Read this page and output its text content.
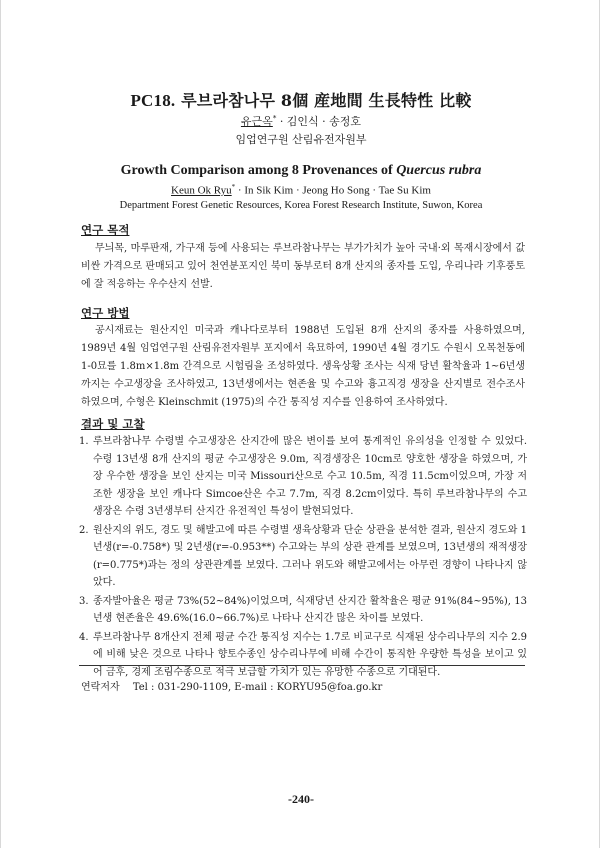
PC18. 루브라참나무 8個 産地間 生長特性 比較
유근옥* · 김인식 · 송정호
임업연구원 산림유전자원부
Growth Comparison among 8 Provenances of Quercus rubra
Keun Ok Ryu* · In Sik Kim · Jeong Ho Song · Tae Su Kim
Department Forest Genetic Resources, Korea Forest Research Institute, Suwon, Korea
연구 목적
무늬목, 마루판재, 가구재 등에 사용되는 루브라참나무는 부가가치가 높아 국내·외 목재시장에서 값 비싼 가격으로 판매되고 있어 천연분포지인 북미 동부로터 8개 산지의 종자를 도입, 우리나라 기후풍토에 잘 적응하는 우수산지 선발.
연구 방법
공시재료는 원산지인 미국과 캐나다로부터 1988년 도입된 8개 산지의 종자를 사용하였으며, 1989년 4월 임업연구원 산림유전자원부 포지에서 육묘하여, 1990년 4월 경기도 수원시 오목천동에 1-0묘를 1.8m×1.8m 간격으로 시험림을 조성하였다. 생육상황 조사는 식재 당년 활착율과 1~6년생까지는 수고생장을 조사하였고, 13년생에서는 현존율 및 수고와 흉고직경 생장을 산지별로 전수조사 하였으며, 수형은 Kleinschmit (1975)의 수간 통직성 지수를 인용하여 조사하였다.
결과 및 고찰
1. 루브라참나무 수령별 수고생장은 산지간에 많은 변이를 보여 통계적인 유의성을 인정할 수 있었다. 수령 13년생 8개 산지의 평균 수고생장은 9.0m, 직경생장은 10cm로 양호한 생장을 하였으며, 가장 우수한 생장을 보인 산지는 미국 Missouri산으로 수고 10.5m, 직경 11.5cm이었으며, 가장 저조한 생장을 보인 캐나다 Simcoe산은 수고 7.7m, 직경 8.2cm이었다. 특히 루브라참나무의 수고생장은 수령 3년생부터 산지간 유전적인 특성이 발현되었다.
2. 원산지의 위도, 경도 및 해발고에 따른 수령별 생육상황과 단순 상관을 분석한 결과, 원산지 경도와 1년생(r=-0.758*) 및 2년생(r=-0.953**) 수고와는 부의 상관 관계를 보였으며, 13년생의 재적생장(r=0.775*)과는 정의 상관관계를 보였다. 그러나 위도와 해발고에서는 아무런 경향이 나타나지 않았다.
3. 종자발아율은 평균 73%(52~84%)이었으며, 식재당년 산지간 활착율은 평균 91%(84~95%), 13년생 현존율은 49.6%(16.0~66.7%)로 나타나 산지간 많은 차이를 보였다.
4. 루브라참나무 8개산지 전체 평균 수간 통직성 지수는 1.7로 비교구로 식재된 상수리나무의 지수 2.9에 비해 낮은 것으로 나타나 향토수종인 상수리나무에 비해 수간이 통직한 우량한 특성을 보이고 있어 금후, 경제 조림수종으로 적극 보급할 가치가 있는 유망한 수종으로 기대된다.
연락저자 Tel : 031-290-1109, E-mail : KORYU95@foa.go.kr
-240-
